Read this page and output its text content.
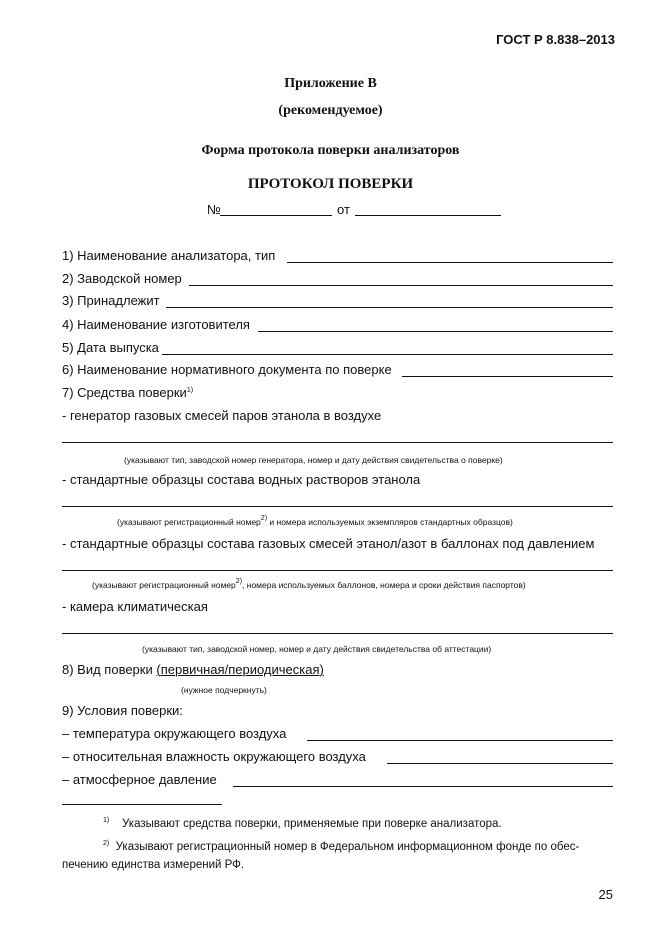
ГОСТ Р 8.838–2013
Приложение В
(рекомендуемое)
Форма протокола поверки анализаторов
ПРОТОКОЛ ПОВЕРКИ
№	от
1) Наименование анализатора, тип
2) Заводской номер
3) Принадлежит
4) Наименование изготовителя
5) Дата выпуска
6) Наименование нормативного документа по поверке
7) Средства поверки$^{1)}$
- генератор газовых смесей паров этанола в воздухе
(указывают тип, заводской номер генератора, номер и дату действия свидетельства о поверке)
- стандартные образцы состава водных растворов этанола
(указывают регистрационный номер$^{2)}$ и номера используемых экземпляров стандартных образцов)
- стандартные образцы состава газовых смесей этанол/азот в баллонах под давлением
(указывают регистрационный номер$^{2)}$, номера используемых баллонов, номера и сроки действия паспортов)
- камера климатическая
(указывают тип, заводской номер, номер и дату действия свидетельства об аттестации)
8) Вид поверки (первичная/периодическая)
(нужное подчеркнуть)
9) Условия поверки:
– температура окружающего воздуха
– относительная влажность окружающего воздуха
– атмосферное давление
$^{1)}$ Указывают средства поверки, применяемые при поверке анализатора.
$^{2)}$ Указывают регистрационный номер в Федеральном информационном фонде по обес-
печению единства измерений РФ.
25
